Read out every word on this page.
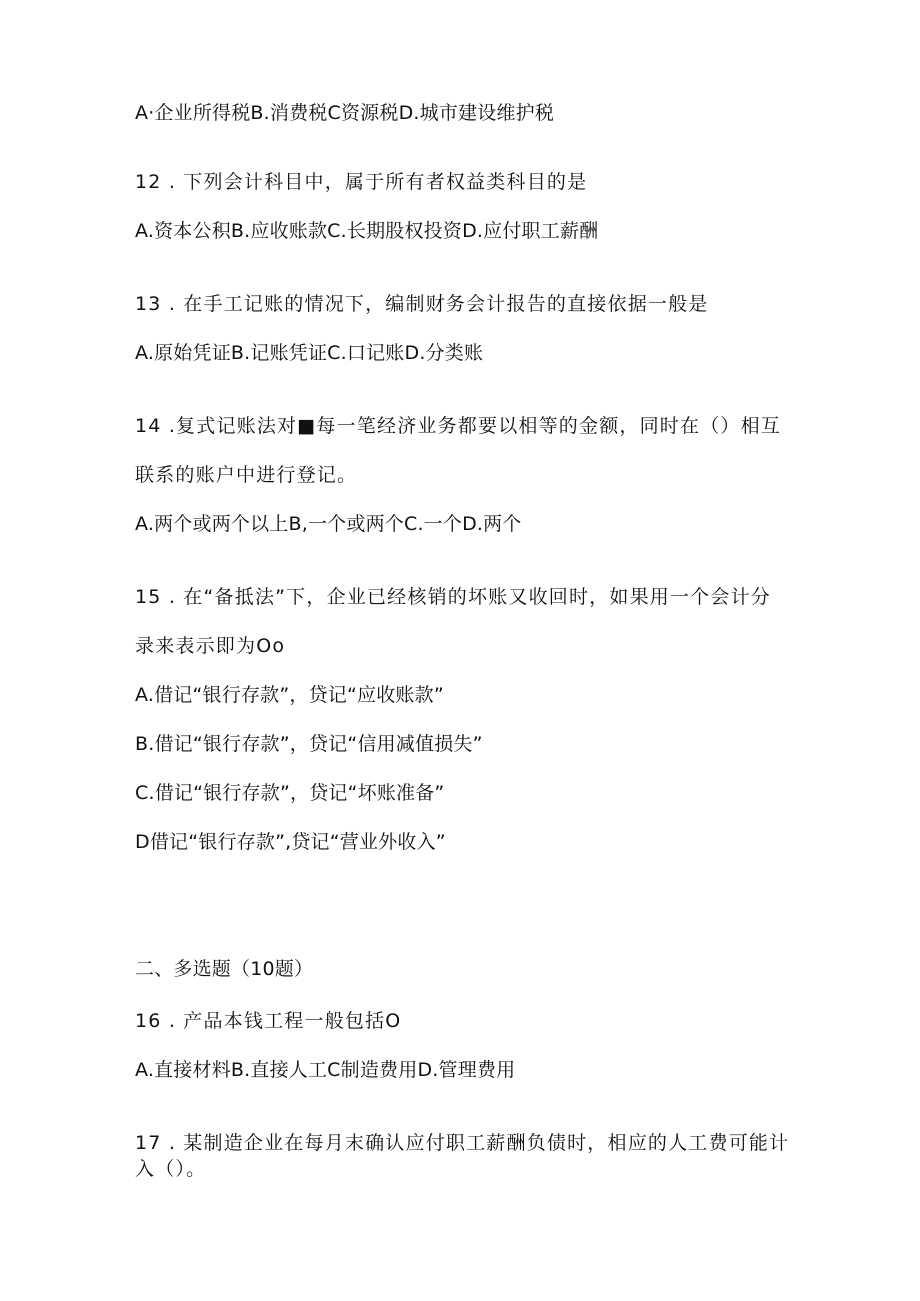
A·企业所得税B.消费税C资源税D.城市建设维护税
12 . 下列会计科目中，属于所有者权益类科目的是
A.资本公积B.应收账款C.长期股权投资D.应付职工薪酬
13 . 在手工记账的情况下，编制财务会计报告的直接依据一般是
A.原始凭证B.记账凭证C.口记账D.分类账
14 .复式记账法对■每一笔经济业务都要以相等的金额，同时在（）相互
联系的账户中进行登记。
A.两个或两个以上B,一个或两个C.一个D.两个
15 . 在“备抵法”下，企业已经核销的坏账又收回时，如果用一个会计分
录来表示即为Oo
A.借记“银行存款”，贷记“应收账款”
B.借记“银行存款”，贷记“信用减值损失”
C.借记“银行存款”，贷记“坏账准备”
D借记“银行存款”,贷记“营业外收入”
二、多选题（10题）
16 . 产品本钱工程一般包括O
A.直接材料B.直接人工C制造费用D.管理费用
17 . 某制造企业在每月末确认应付职工薪酬负债时，相应的人工费可能计
入（）。
